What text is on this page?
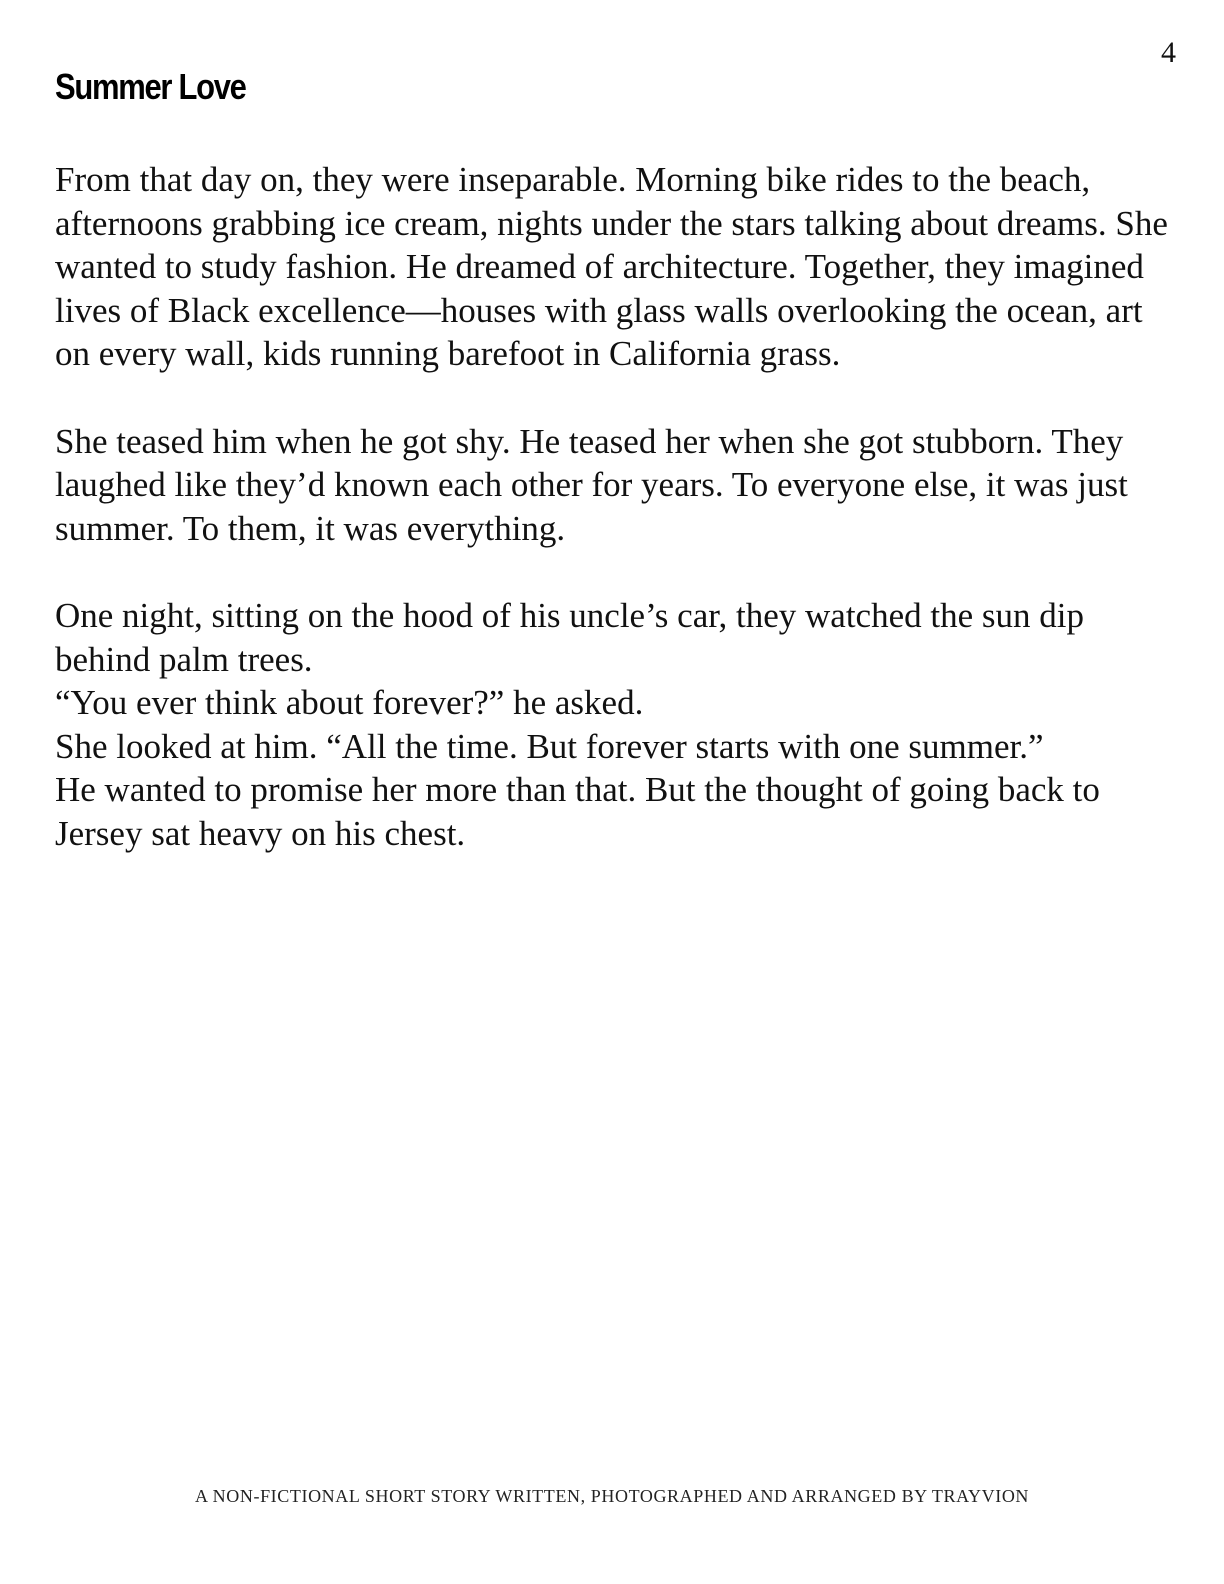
4
Summer Love

From that day on, they were inseparable. Morning bike rides to the beach, afternoons grabbing ice cream, nights under the stars talking about dreams. She wanted to study fashion. He dreamed of architecture. Together, they imagined lives of Black excellence—houses with glass walls overlooking the ocean, art on every wall, kids running barefoot in California grass.

She teased him when he got shy. He teased her when she got stubborn. They laughed like they’d known each other for years. To everyone else, it was just summer. To them, it was everything.

One night, sitting on the hood of his uncle’s car, they watched the sun dip behind palm trees.

“You ever think about forever?” he asked.

She looked at him. “All the time. But forever starts with one summer.”

He wanted to promise her more than that. But the thought of going back to Jersey sat heavy on his chest.

A NON-FICTIONAL SHORT STORY WRITTEN, PHOTOGRAPHED AND ARRANGED BY TRAYVION
